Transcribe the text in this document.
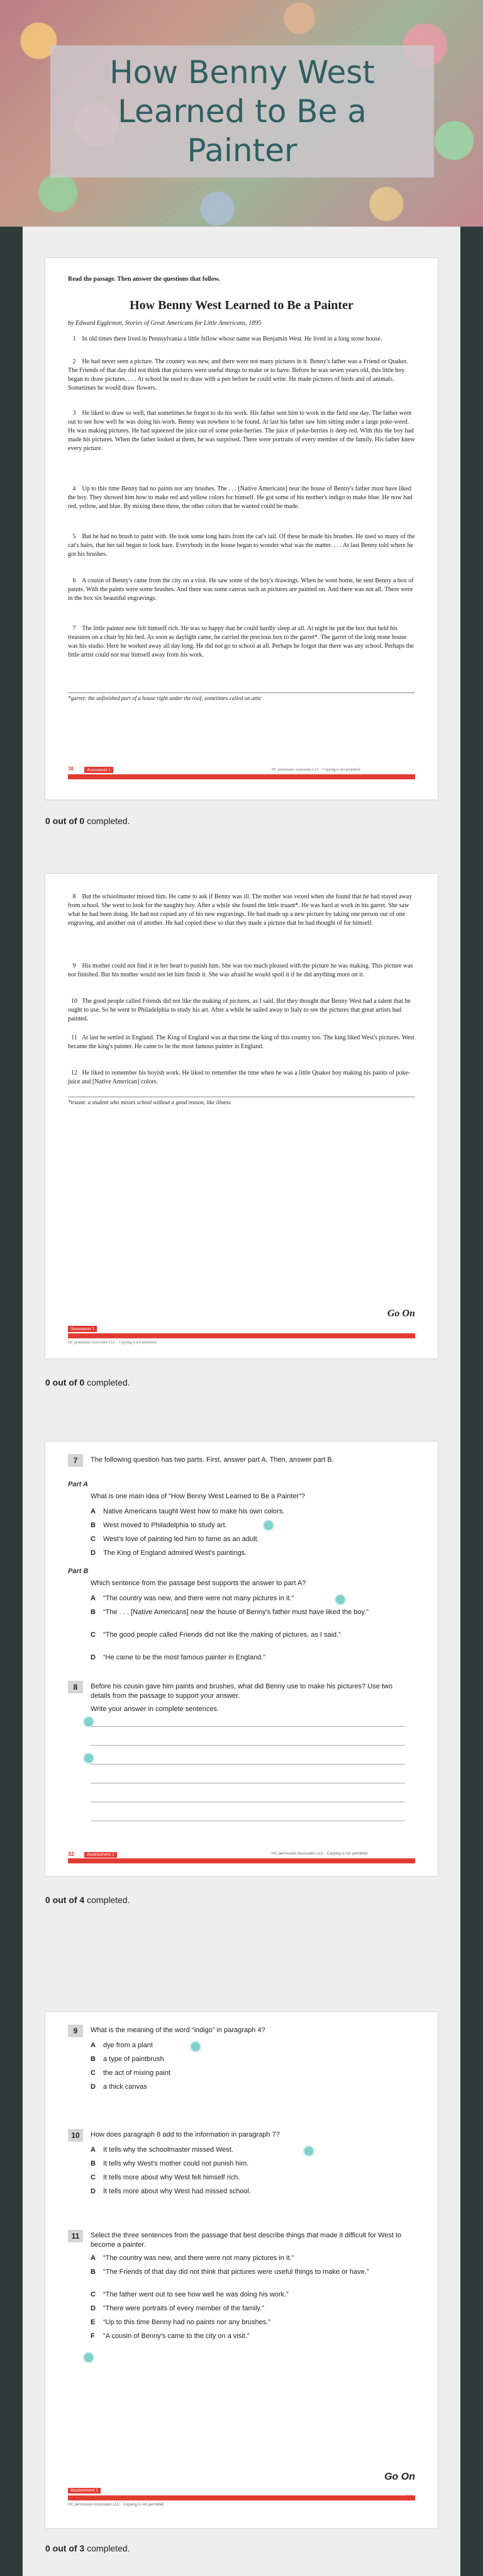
How Benny West Learned to Be a Painter
Read the passage. Then answer the questions that follow.
How Benny West Learned to Be a Painter
by Edward Eggleston, Stories of Great Americans for Little Americans, 1895
1 In old times there lived in Pennsylvania a little fellow whose name was Benjamin West. He lived in a long stone house.
2 He had never seen a picture. The country was new, and there were not many pictures in it. Benny's father was a Friend or Quaker. The Friends of that day did not think that pictures were useful things to make or to have. Before he was seven years old, this little boy began to draw pictures. . . . At school he used to draw with a pen before he could write. He made pictures of birds and of animals. Sometimes he would draw flowers.
3 He liked to draw so well, that sometimes he forgot to do his work. His father sent him to work in the field one day. The father went out to see how well he was doing his work. Benny was nowhere to be found. At last his father saw him sitting under a large poke-weed. He was making pictures. He had squeezed the juice out of some poke-berries. The juice of poke-berries is deep red. With this the boy had made his pictures. When the father looked at them, he was surprised. There were portraits of every member of the family. His father knew every picture.
4 Up to this time Benny had no paints nor any brushes. The . . . [Native Americans] near the house of Benny's father must have liked the boy. They showed him how to make red and yellow colors for himself. He got some of his mother's indigo to make blue. He now had red, yellow, and blue. By mixing these three, the other colors that he wanted could be made.
5 But he had no brush to paint with. He took some long hairs from the cat's tail. Of these he made his brushes. He used so many of the cat's hairs, that her tail began to look bare. Everybody in the house began to wonder what was the matter. . . . At last Benny told where he got his brushes.
6 A cousin of Benny's came from the city on a visit. He saw some of the boy's drawings. When he went home, he sent Benny a box of paints. With the paints were some brushes. And there was some canvas such as pictures are painted on. And there was not all. There were in the box six beautiful engravings.
7 The little painter now felt himself rich. He was so happy that he could hardly sleep at all. At night he put the box that held his treasures on a chair by his bed. As soon as daylight came, he carried the precious box to the garret*. The garret of the long stone house was his studio. Here he worked away all day long. He did not go to school at all. Perhaps he forgot that there was any school. Perhaps the little artist could not tear himself away from his work.
*garret: the unfinished part of a house right under the roof, sometimes called an attic
30	Assessment 1	HC permission Associates LLC · Copying is not permitted
0 out of 0 completed.
8 But the schoolmaster missed him. He came to ask if Benny was ill. The mother was vexed when she found that he had stayed away from school. She went to look for the naughty boy. After a while she found the little truant*. He was hard at work in his garret. She saw what he had been doing. He had not copied any of his new engravings. He had made up a new picture by taking one person out of one engraving, and another out of another. He had copied these so that they made a picture that he had thought of for himself.
9 His mother could not find it in her heart to punish him. She was too much pleased with the picture he was making. This picture was not finished. But his mother would not let him finish it. She was afraid he would spoil it if he did anything more on it.
10 The good people called Friends did not like the making of pictures, as I said. But they thought that Benny West had a talent that he ought to use. So he went to Philadelphia to study his art. After a while he sailed away to Italy to see the pictures that great artists had painted.
11 At last he settled in England. The King of England was at that time the king of this country too. The king liked West's pictures. West became the king's painter. He came to be the most famous painter in England.
12 He liked to remember his boyish work. He liked to remember the time when he was a little Quaker boy making his paints of poke-juice and [Native American] colors.
*truant: a student who misses school without a good reason, like illness
Go On
Assessment 1
31
HC permission Associates LLC · Copying is not permitted
0 out of 0 completed.
7	The following question has two parts. First, answer part A. Then, answer part B.
Part A
What is one main idea of “How Benny West Learned to Be a Painter”?
A	Native Americans taught West how to make his own colors.
B	West moved to Philadelphia to study art.
C	West's love of painting led him to fame as an adult.
D	The King of England admired West's paintings.
Part B
Which sentence from the passage best supports the answer to part A?
A	“The country was new, and there were not many pictures in it.”
B	“The . . . [Native Americans] near the house of Benny's father must have liked the boy.”
C	“The good people called Friends did not like the making of pictures, as I said.”
D	“He came to be the most famous painter in England.”
8	Before his cousin gave him paints and brushes, what did Benny use to make his pictures? Use two details from the passage to support your answer.
Write your answer in complete sentences.
32	Assessment 1	HC permission Associates LLC · Copying is not permitted
0 out of 4 completed.
9	What is the meaning of the word “indigo” in paragraph 4?
A	dye from a plant
B	a type of paintbrush
C	the act of mixing paint
D	a thick canvas
10	How does paragraph 8 add to the information in paragraph 7?
A	It tells why the schoolmaster missed West.
B	It tells why West's mother could not punish him.
C	It tells more about why West felt himself rich.
D	It tells more about why West had missed school.
11	Select the three sentences from the passage that best describe things that made it difficult for West to become a painter.
A	“The country was new, and there were not many pictures in it.”
B	“The Friends of that day did not think that pictures were useful things to make or have.”
C	“The father went out to see how well he was doing his work.”
D	“There were portraits of every member of the family.”
E	“Up to this time Benny had no paints nor any brushes.”
F	“A cousin of Benny's came to the city on a visit.”
Go On
Assessment 1
33
HC permission Associates LLC · Copying is not permitted
0 out of 3 completed.
